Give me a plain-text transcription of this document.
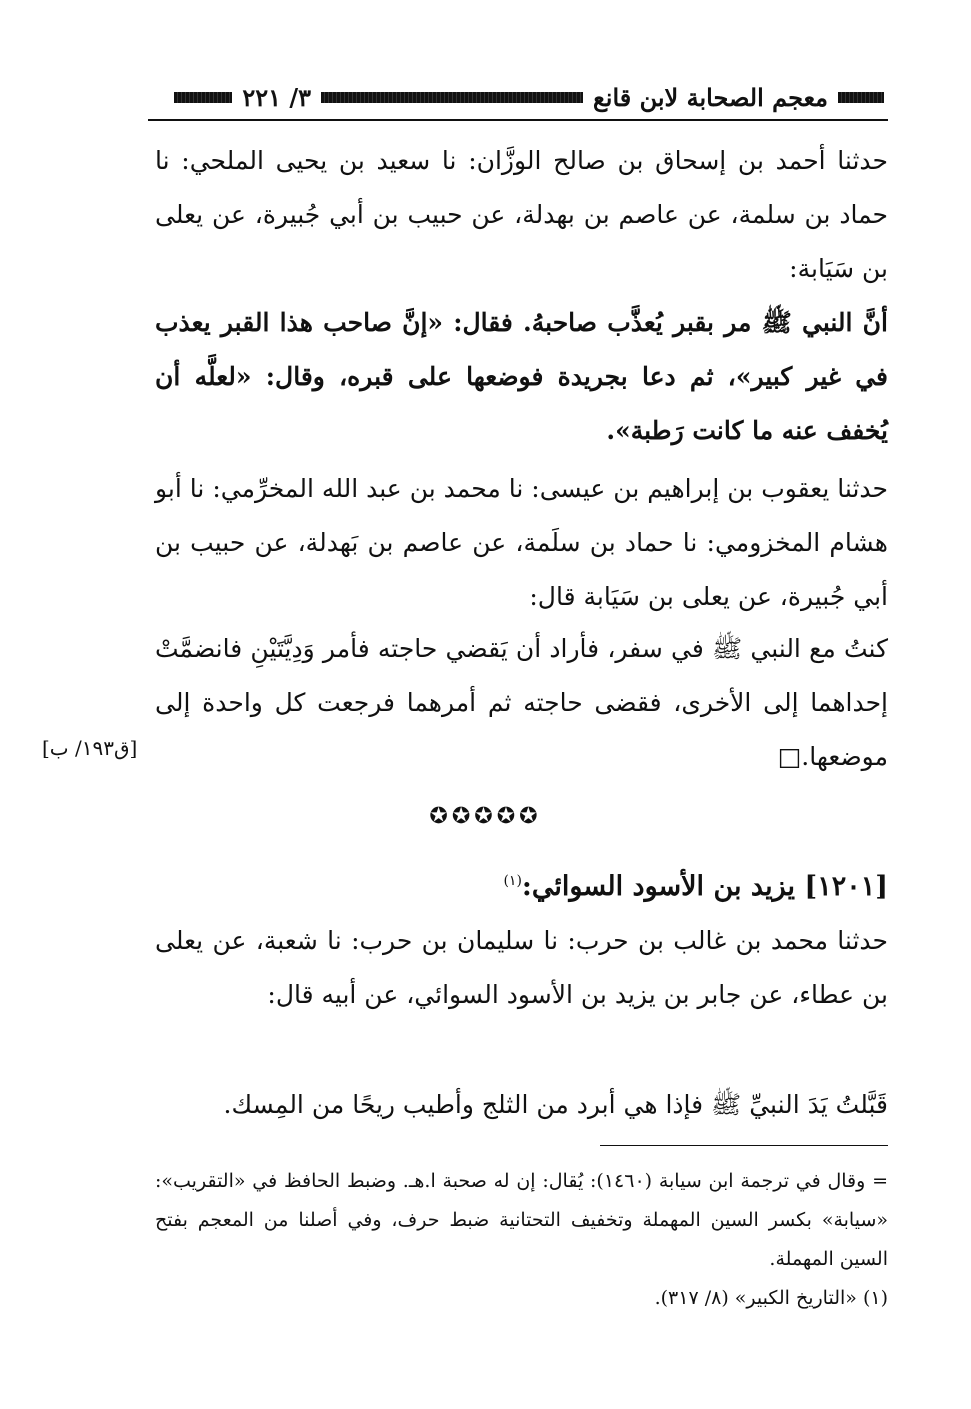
معجم الصحابة لابن قانع
٣/ ٢٢١

حدثنا أحمد بن إسحاق بن صالح الوزَّان: نا سعيد بن يحيى الملحي: نا حماد بن سلمة، عن عاصم بن بهدلة، عن حبيب بن أبي جُبيرة، عن يعلى بن سَيَابة:

أنَّ النبي ﷺ مر بقبر يُعذَّب صاحبهُ. فقال: «إنَّ صاحب هذا القبر يعذب في غير كبير»، ثم دعا بجريدة فوضعها على قبره، وقال: «لعلَّه أن يُخفف عنه ما كانت رَطبة».

حدثنا يعقوب بن إبراهيم بن عيسى: نا محمد بن عبد الله المخرِّمي: نا أبو هشام المخزومي: نا حماد بن سلَمة، عن عاصم بن بَهدلة، عن حبيب بن أبي جُبيرة، عن يعلى بن سَيَابة قال:

كنتُ مع النبي ﷺ في سفر، فأراد أن يَقضي حاجته فأمر وَدِيَّتَيْنِ فانضمَّتْ إحداهما إلى الأخرى، فقضى حاجته ثم أمرهما فرجعت كل واحدة إلى موضعها.□

[ق١٩٣/ ب]
✪✪✪✪✪
[١٢٠١] يزيد بن الأسود السوائي:$^{(١)}$

حدثنا محمد بن غالب بن حرب: نا سليمان بن حرب: نا شعبة، عن يعلى بن عطاء، عن جابر بن يزيد بن الأسود السوائي، عن أبيه قال:

قَبَّلتُ يَدَ النبيِّ ﷺ فإذا هي أبرد من الثلج وأطيب ريحًا من المِسك.

= وقال في ترجمة ابن سيابة (١٤٦٠): يُقال: إن له صحبة ا.هـ. وضبط الحافظ في «التقريب»: «سيابة» بكسر السين المهملة وتخفيف التحتانية ضبط حرف، وفي أصلنا من المعجم بفتح السين المهملة.

(١) «التاريخ الكبير» (٨/ ٣١٧).
